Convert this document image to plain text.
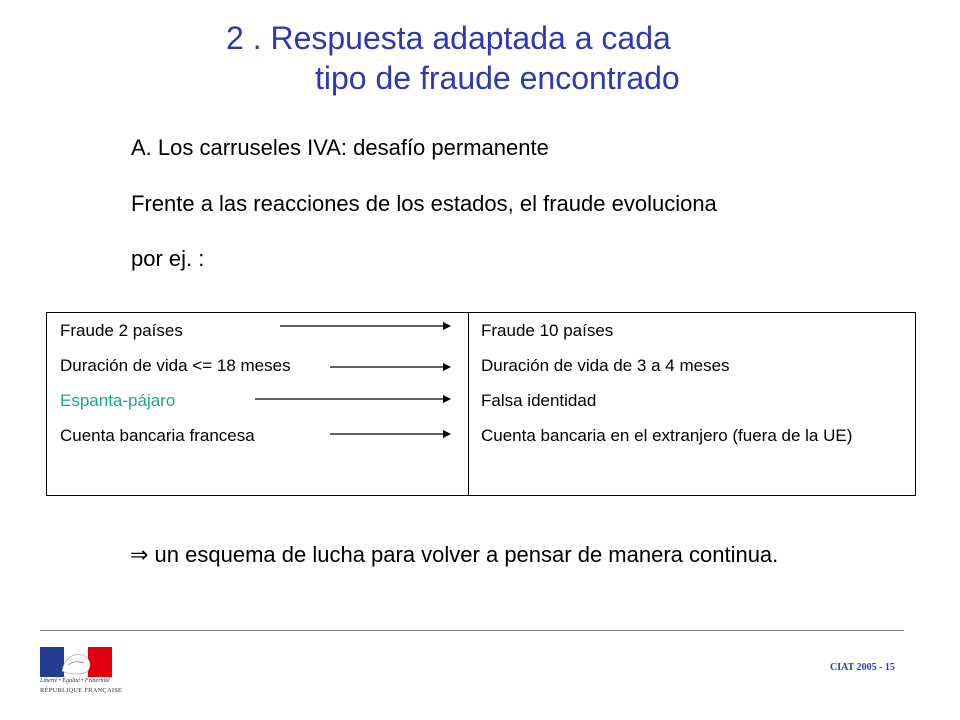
2 . Respuesta adaptada a cada
tipo de fraude encontrado
A. Los carruseles IVA: desafío permanente
Frente a las reacciones de los estados, el fraude evoluciona
por ej. :
Fraude 2 países
Duración de vida <= 18 meses
Espanta-pájaro
Cuenta bancaria francesa
Fraude 10 países
Duración de vida de 3 a 4 meses
Falsa identidad
Cuenta bancaria en el extranjero (fuera de la UE)
⇒ un esquema de lucha para volver a pensar de manera continua.
Liberté • Égalité • Fraternité
RÉPUBLIQUE FRANÇAISE
CIAT 2005 - 15
